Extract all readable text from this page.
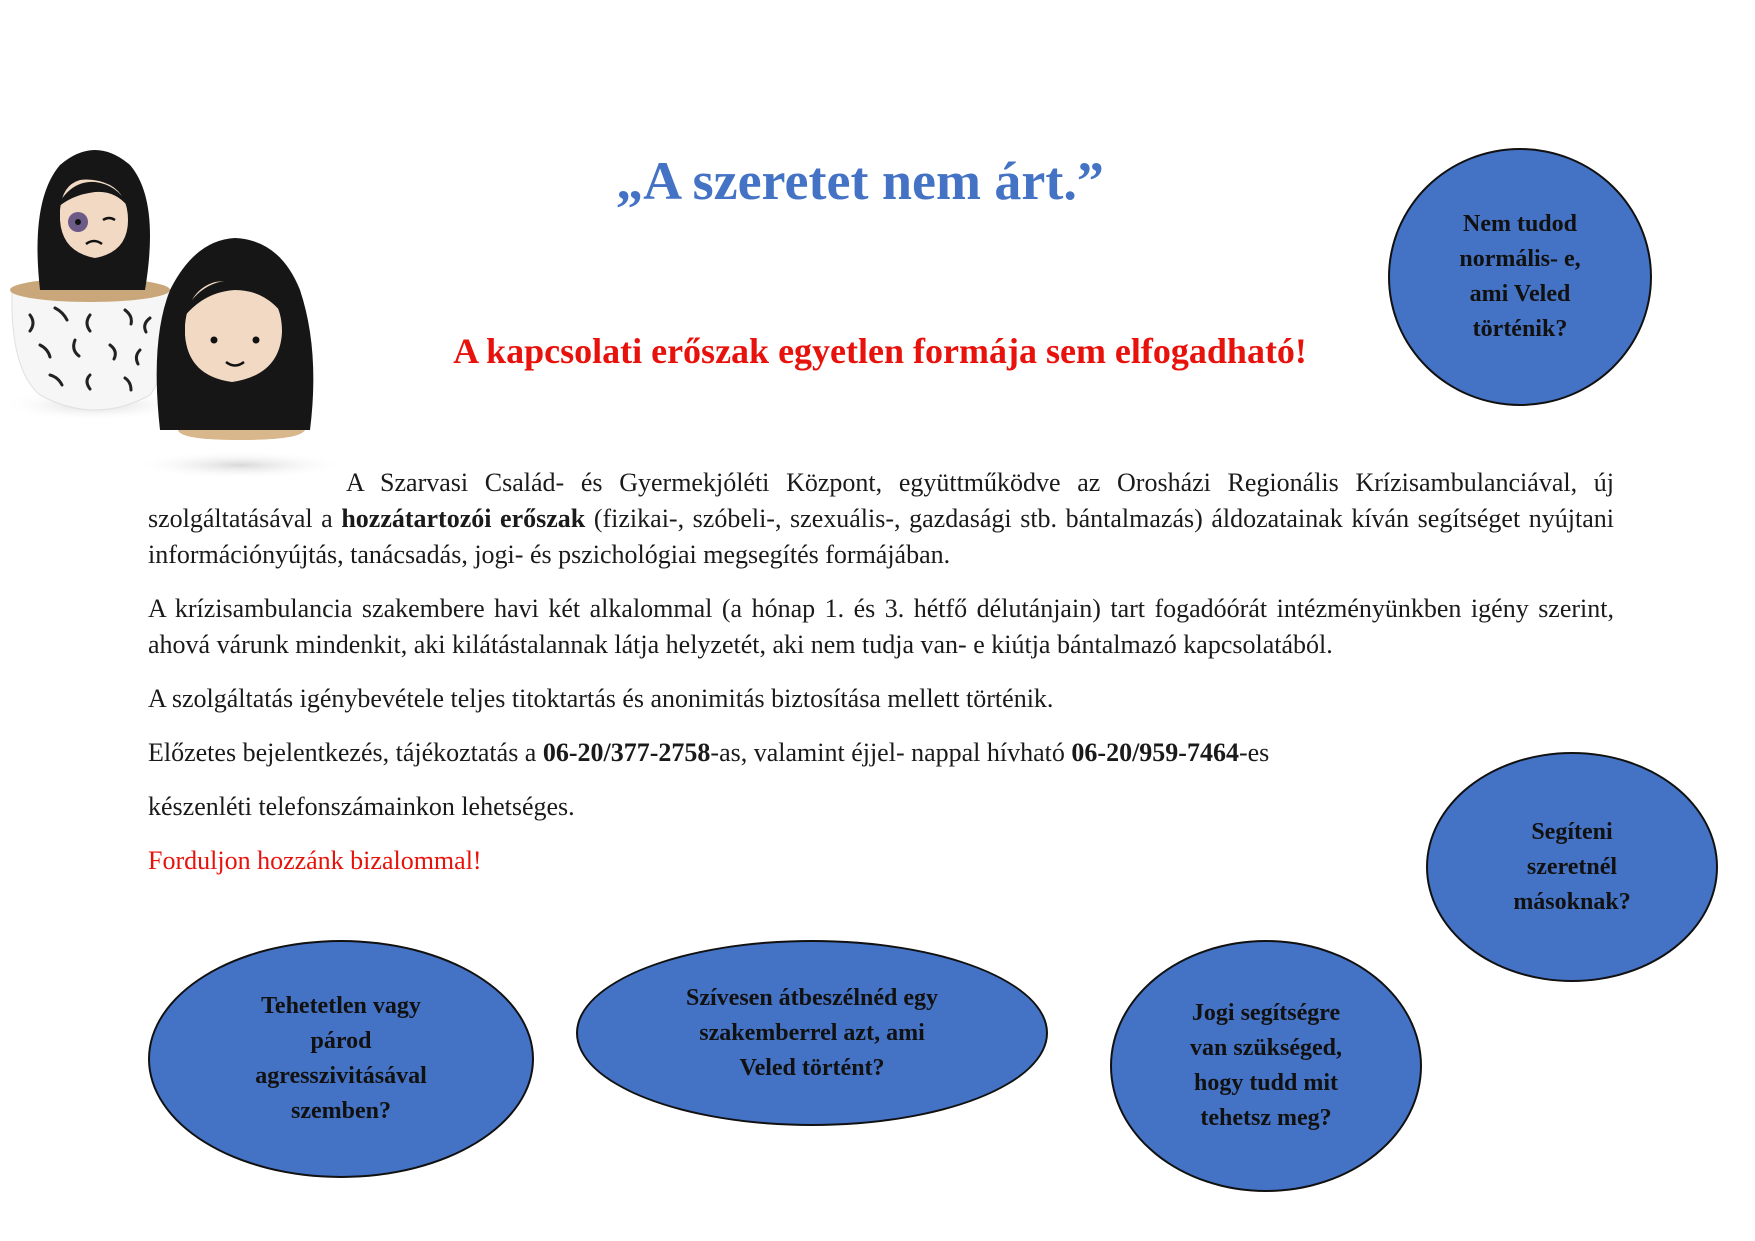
„A szeretet nem árt.”
A kapcsolati erőszak egyetlen formája sem elfogadható!

A Szarvasi Család- és Gyermekjóléti Központ, együttműködve az Orosházi Regionális Krízisambulanciával, új szolgáltatásával a hozzátartozói erőszak (fizikai-, szóbeli-, szexuális-, gazdasági stb. bántalmazás) áldozatainak kíván segítséget nyújtani információnyújtás, tanácsadás, jogi- és pszichológiai megsegítés formájában.

A krízisambulancia szakembere havi két alkalommal (a hónap 1. és 3. hétfő délutánjain) tart fogadóórát intézményünkben igény szerint, ahová várunk mindenkit, aki kilátástalannak látja helyzetét, aki nem tudja van- e kiútja bántalmazó kapcsolatából.

A szolgáltatás igénybevétele teljes titoktartás és anonimitás biztosítása mellett történik.

Előzetes bejelentkezés, tájékoztatás a 06-20/377-2758-as, valamint éjjel- nappal hívható 06-20/959-7464-es

készenléti telefonszámainkon lehetséges.

Forduljon hozzánk bizalommal!

Nem tudod
normális- e,
ami Veled
történik?
Segíteni
szeretnél
másoknak?
Tehetetlen vagy
párod
agresszivitásával
szemben?
Szívesen átbeszélnéd egy
szakemberrel azt, ami
Veled történt?
Jogi segítségre
van szükséged,
hogy tudd mit
tehetsz meg?
